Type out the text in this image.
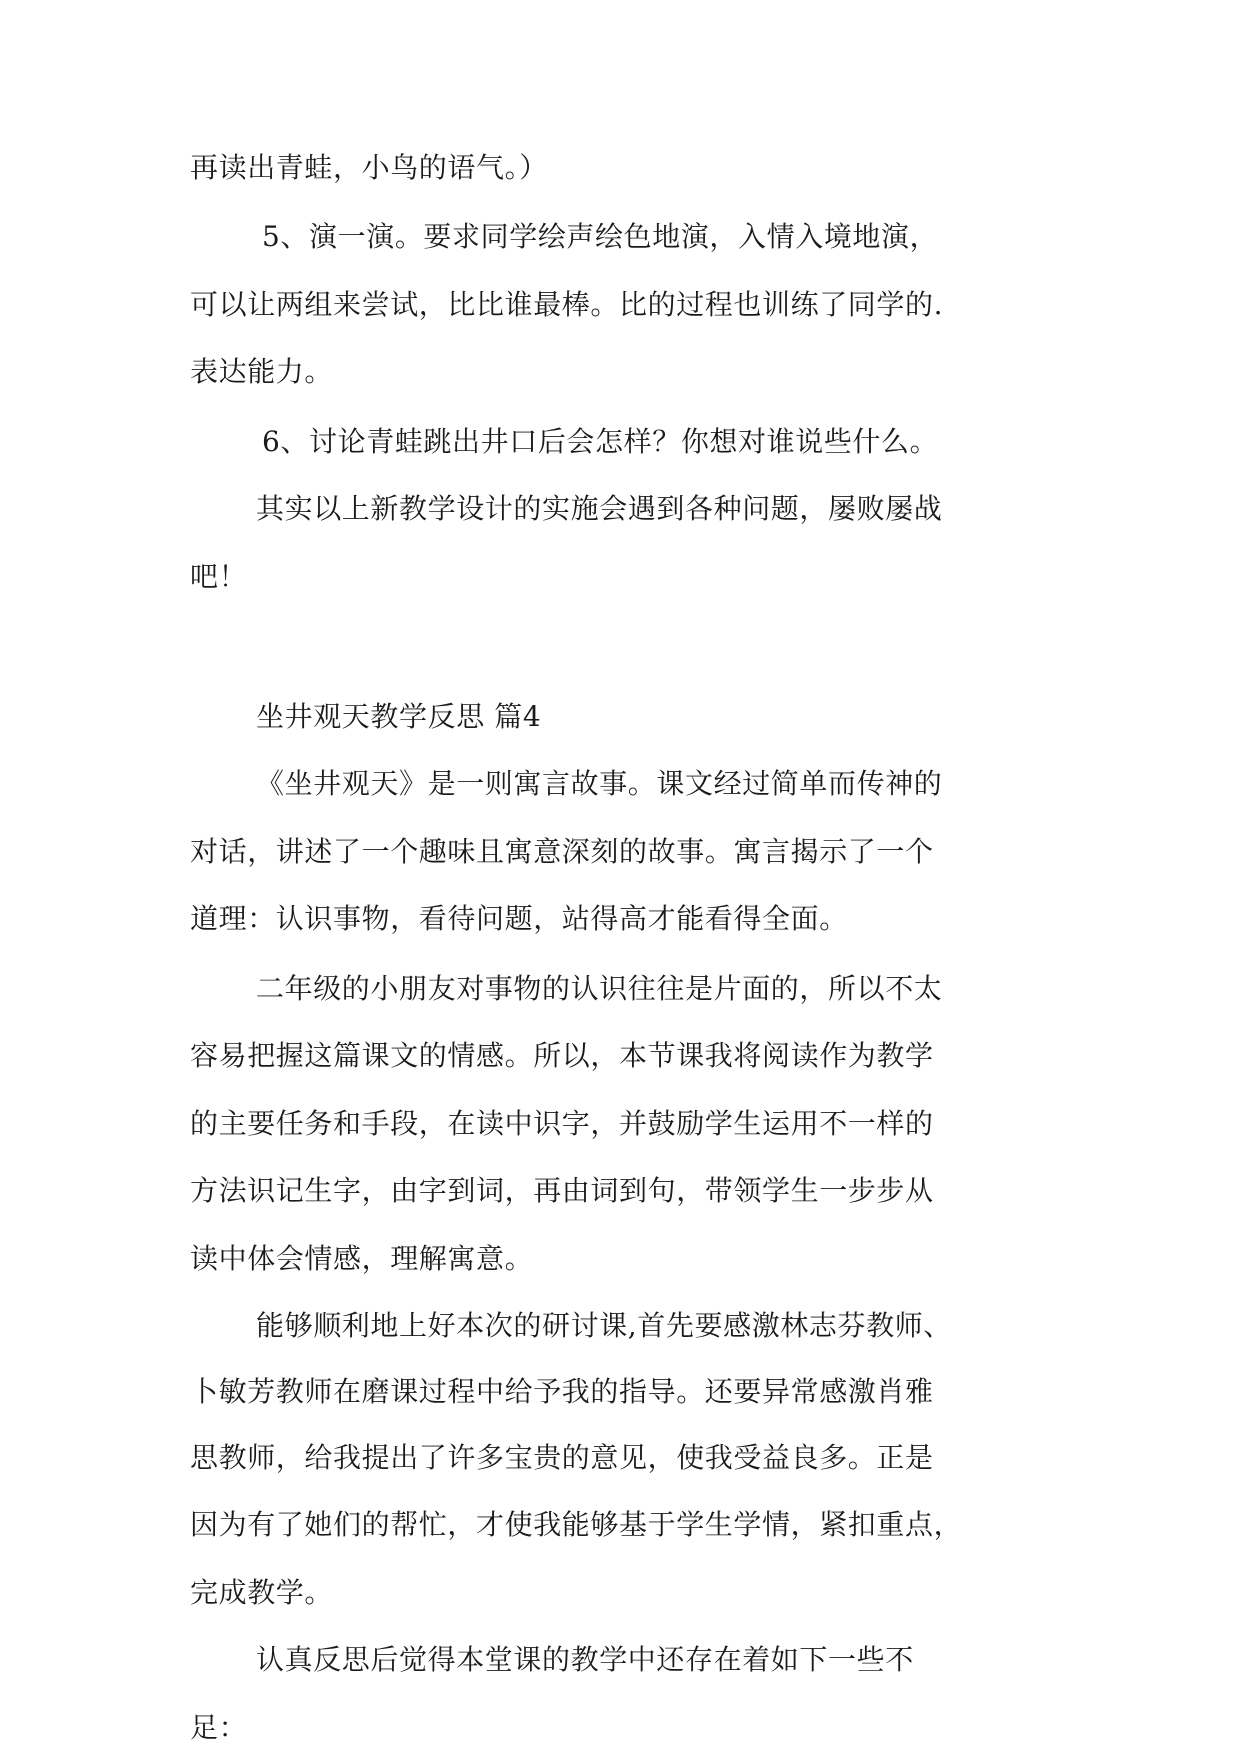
再读出青蛙，小鸟的语气。）
5、演一演。要求同学绘声绘色地演，入情入境地演，
可以让两组来尝试，比比谁最棒。比的过程也训练了同学的.
表达能力。
6、讨论青蛙跳出井口后会怎样？你想对谁说些什么。
其实以上新教学设计的实施会遇到各种问题，屡败屡战
吧！
坐井观天教学反思 篇4
《坐井观天》是一则寓言故事。课文经过简单而传神的
对话，讲述了一个趣味且寓意深刻的故事。寓言揭示了一个
道理：认识事物，看待问题，站得高才能看得全面。
二年级的小朋友对事物的认识往往是片面的，所以不太
容易把握这篇课文的情感。所以，本节课我将阅读作为教学
的主要任务和手段，在读中识字，并鼓励学生运用不一样的
方法识记生字，由字到词，再由词到句，带领学生一步步从
读中体会情感，理解寓意。
能够顺利地上好本次的研讨课,首先要感激林志芬教师、
卜敏芳教师在磨课过程中给予我的指导。还要异常感激肖雅
思教师，给我提出了许多宝贵的意见，使我受益良多。正是
因为有了她们的帮忙，才使我能够基于学生学情，紧扣重点，
完成教学。
认真反思后觉得本堂课的教学中还存在着如下一些不
足：
